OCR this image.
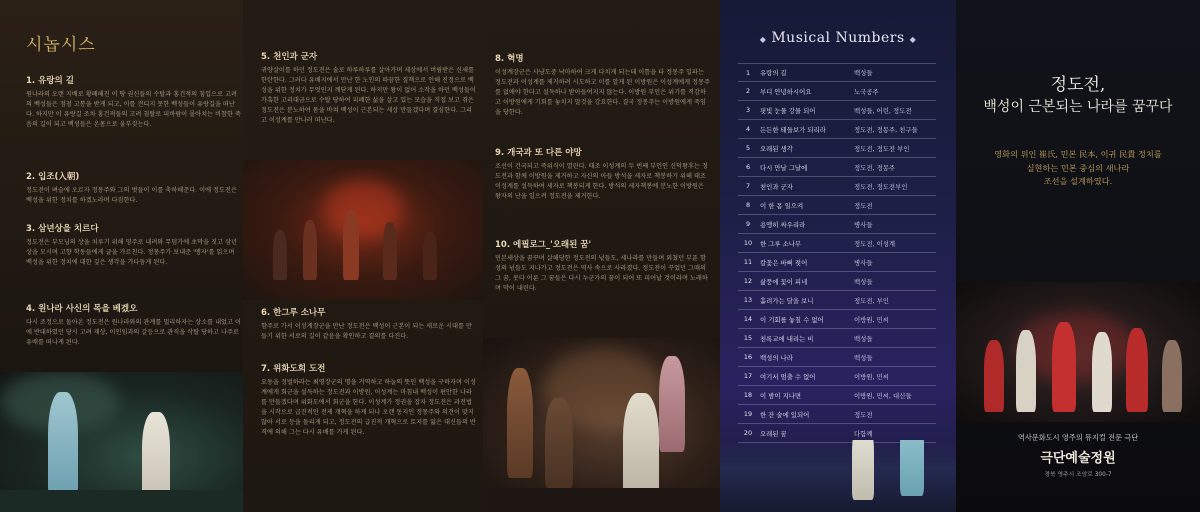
시놉시스
1. 유랑의 길

원나라의 오랜 지배로 황폐해진 이 땅 권신들의 수탈과 홍건적의 침입으로 고려의 백성들은 점점 고통을 받게 되고, 이를 견디지 못한 백성들이 유랑길을 떠난다. 하지만 이 유랑길 조차 홍건적들의 고려 침탈로 피바람이 몰아치는 비참한 죽음의 길이 되고 백성들은 온몸으로 울부짖는다.

2. 입조(入朝)

정도전이 벼슬에 오르자 정몽주와 그의 벗들이 이를 축하해준다. 이에 정도전은 백성을 위한 정치를 하겠노라며 다짐한다.

3. 삼년상을 치르다

정도전은 부모님의 상을 치루기 위해 영주로 내려와 무덤가에 초막을 짓고 삼년상을 모시며 고향 학동들에게 글을 가르친다. 정몽주가 보내준 '맹자'를 읽으며 백성을 위한 정치에 대한 깊은 생각을 가다듬게 된다.

4. 원나라 사신의 목을 베겠오

다시 조정으로 돌아온 정도전은 원나라와의 관계를 멀리하자는 상소를 내었고 이에 반대하였던 당시 고려 재상, 이인임과의 갈등으로 관직을 삭탈 당하고 나주로 유배를 떠나게 된다.

5. 천인과 군자

귀양살이를 하던 정도전은 술로 하루하루를 살아가며 세상에서 버림받은 신세를 한탄한다. 그러다 유배지에서 만난 한 노인의 따끔한 질책으로 인해 진정으로 백성을 위한 정치가 무엇인지 깨닫게 된다. 하지만 왕이 없어 소작을 하던 백성들이 가혹한 고리대금으로 수탈 당하여 피폐한 삶을 살고 있는 모습을 직접 보고 겪은 정도전은 분노하여 몸을 바쳐 백성이 근본되는 세상 만들겠다며 결심한다. 그리고 이성계를 만나러 떠난다.

6. 한그루 소나무

함주로 가서 이성계장군을 만난 정도전은 백성이 근본이 되는 새로운 시대를 만들기 위한 서로의 길이 같음을 확인하고 결의를 다진다.

7. 위화도회 도전

요동을 정벌하라는 최영장군의 명을 거역하고 하늘의 뜻인 백성을 구하자며 이성계에게 회군을 설득하는 정도전과 이방원, 이성계는 마침내 백성이 편안한 나라를 만들겠다며 위화도에서 회군을 한다. 이성계가 정권을 잡자 정도전은 과전법을 시작으로 급진적인 전제 개혁을 하게 되나 오랜 동지인 정몽주와 의견이 맞지 않아 서로 등을 돌리게 되고, 정도전의 급진적 개혁으로 토지를 잃은 대신들의 반격에 의해 그는 다시 유배를 가게 된다.

8. 혁명

이성계장군은 사냥도중 낙마하여 크게 다치게 되는데 이틈을 타 정몽주 일파는 정도전과 이성계를 제거하려 시도하고 이를 알게 된 이방원은 이성계에게 정몽주를 없애야 한다고 설득하나 받아들여지지 않는다. 이방원 부인은 위기를 직감하고 이방원에게 기회를 놓치지 말것을 강요한다. 결국 정몽주는 이방원에게 죽임을 당한다.

9. 개국과 또 다른 야망

조선이 건국되고 즉위식이 열린다. 태조 이성계의 두 번째 부인인 신덕왕후는 정도전과 함께 이방원을 제거하고 자신의 아들 방석을 세자로 책봉하기 위해 태조 이성계를 설득하여 세자로 책봉되게 한다. 방석의 세자책봉에 분노한 이방원은 왕자의 난을 일으켜 정도전을 제거한다.

10. 에필로그_'오래된 꿈'

민본세상을 꿈꾸며 살해당한 정도전의 넋들도, 세나라를 만들며 외쳤던 부푼 함성의 넋들도 지나가고 정도전은 역사 속으로 사라졌다. 정도전이 꾸었던 그때의 그 꿈, 못다 이룬 그 꿈들은 다시 누군가의 꿈이 되어 또 피어날 것이라며 노래하며 막이 내린다.

◆ Musical Numbers ◆
1	유랑의 길	백성들
2	부디 안녕하시어요	노국공주
3	핏빛 눈물 강물 되어	백성들, 어린, 정도전
4	든든한 태들보가 되리라	정도전, 정몽주, 친구들
5	오래된 생각	정도전, 정도전 부인
6	다시 만날 그날에	정도전, 정몽주
7	천인과 군자	정도전, 정도전부인
8	이 한 몸 일으켜	정도전
9	용맹히 싸우리라	병사들
10	한 그루 소나무	정도전, 이성계
11	칼꽃은 바삐 젖어	병사들
12	삶풍에 꽃이 피네	백성들
13	흩려가는 달을 보니	정도전, 부인
14	이 기회를 놓칠 수 없어	이방원, 민씨
15	천록교에 내리는 비	백성들
16	백성의 나라	백성들
17	여기서 멈출 수 없어	이방원, 민씨
18	이 밤이 지나면	이방원, 민씨, 대신들
19	한 잔 술에 있되어	정도전
20	오래된 꿈	다함께
정도전,
백성이 근본되는 나라를 꿈꾸다
영화의 위인 崔氏, 민본 民本, 이귀 民貴 정치를
실현하는 민본 중심의 새나라
조선을 설계하였다.
역사문화도시 영주의 뮤지컬 전문 극단
극단예술정원
경북 영주시 조암로 300-7
